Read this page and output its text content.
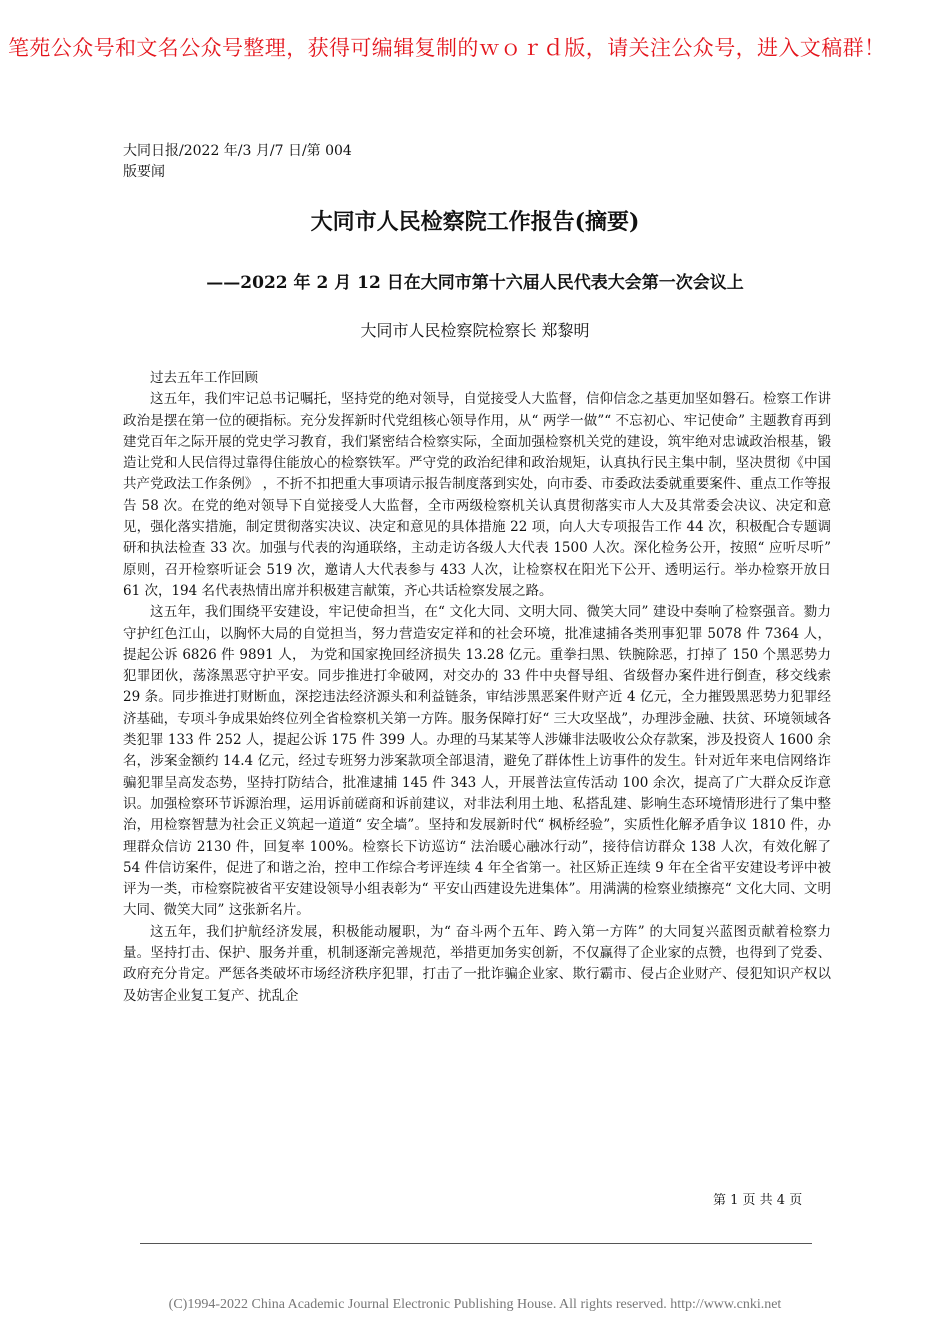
笔苑公众号和文名公众号整理，获得可编辑复制的ｗｏｒｄ版，请关注公众号，进入文稿群！
大同日报/2022 年/3 月/7 日/第 004
版要闻
大同市人民检察院工作报告(摘要)
——2022 年 2 月 12 日在大同市第十六届人民代表大会第一次会议上
大同市人民检察院检察长 郑黎明

过去五年工作回顾

这五年，我们牢记总书记嘱托，坚持党的绝对领导，自觉接受人大监督，信仰信念之基更加坚如磐石。检察工作讲政治是摆在第一位的硬指标。充分发挥新时代党组核心领导作用，从“ 两学一做”“ 不忘初心、牢记使命” 主题教育再到建党百年之际开展的党史学习教育，我们紧密结合检察实际，全面加强检察机关党的建设，筑牢绝对忠诚政治根基，锻造让党和人民信得过靠得住能放心的检察铁军。严守党的政治纪律和政治规矩，认真执行民主集中制，坚决贯彻《中国共产党政法工作条例》 ，不折不扣把重大事项请示报告制度落到实处，向市委、市委政法委就重要案件、重点工作等报告 58 次。在党的绝对领导下自觉接受人大监督，全市两级检察机关认真贯彻落实市人大及其常委会决议、决定和意见，强化落实措施，制定贯彻落实决议、决定和意见的具体措施 22 项，向人大专项报告工作 44 次，积极配合专题调研和执法检查 33 次。加强与代表的沟通联络，主动走访各级人大代表 1500 人次。深化检务公开，按照“ 应听尽听” 原则，召开检察听证会 519 次，邀请人大代表参与 433 人次，让检察权在阳光下公开、透明运行。举办检察开放日 61 次，194 名代表热情出席并积极建言献策，齐心共话检察发展之路。

这五年，我们围绕平安建设，牢记使命担当，在“ 文化大同、文明大同、微笑大同” 建设中奏响了检察强音。勠力守护红色江山，以胸怀大局的自觉担当，努力营造安定祥和的社会环境，批准逮捕各类刑事犯罪 5078 件 7364 人， 提起公诉 6826 件 9891 人， 为党和国家挽回经济损失 13.28 亿元。重拳扫黑、铁腕除恶，打掉了 150 个黑恶势力犯罪团伙，荡涤黑恶守护平安。同步推进打伞破网，对交办的 33 件中央督导组、省级督办案件进行倒查，移交线索 29 条。同步推进打财断血，深挖违法经济源头和利益链条，审结涉黑恶案件财产近 4 亿元，全力摧毁黑恶势力犯罪经济基础，专项斗争成果始终位列全省检察机关第一方阵。服务保障打好“ 三大攻坚战”，办理涉金融、扶贫、环境领域各类犯罪 133 件 252 人，提起公诉 175 件 399 人。办理的马某某等人涉嫌非法吸收公众存款案，涉及投资人 1600 余名，涉案金额约 14.4 亿元，经过专班努力涉案款项全部退清，避免了群体性上访事件的发生。针对近年来电信网络诈骗犯罪呈高发态势，坚持打防结合，批准逮捕 145 件 343 人，开展普法宣传活动 100 余次，提高了广大群众反诈意识。加强检察环节诉源治理，运用诉前磋商和诉前建议，对非法利用土地、私搭乱建、影响生态环境情形进行了集中整治，用检察智慧为社会正义筑起一道道“ 安全墙”。坚持和发展新时代“ 枫桥经验”，实质性化解矛盾争议 1810 件，办理群众信访 2130 件，回复率 100%。检察长下访巡访“ 法治暖心融冰行动”，接待信访群众 138 人次，有效化解了 54 件信访案件，促进了和谐之治，控申工作综合考评连续 4 年全省第一。社区矫正连续 9 年在全省平安建设考评中被评为一类，市检察院被省平安建设领导小组表彰为“ 平安山西建设先进集体”。用满满的检察业绩擦亮“ 文化大同、文明大同、微笑大同” 这张新名片。

这五年，我们护航经济发展，积极能动履职，为“ 奋斗两个五年、跨入第一方阵” 的大同复兴蓝图贡献着检察力量。坚持打击、保护、服务并重，机制逐渐完善规范，举措更加务实创新，不仅赢得了企业家的点赞，也得到了党委、政府充分肯定。严惩各类破坏市场经济秩序犯罪，打击了一批诈骗企业家、欺行霸市、侵占企业财产、侵犯知识产权以及妨害企业复工复产、扰乱企

第 1 页 共 4 页
(C)1994-2022 China Academic Journal Electronic Publishing House. All rights reserved. http://www.cnki.net
